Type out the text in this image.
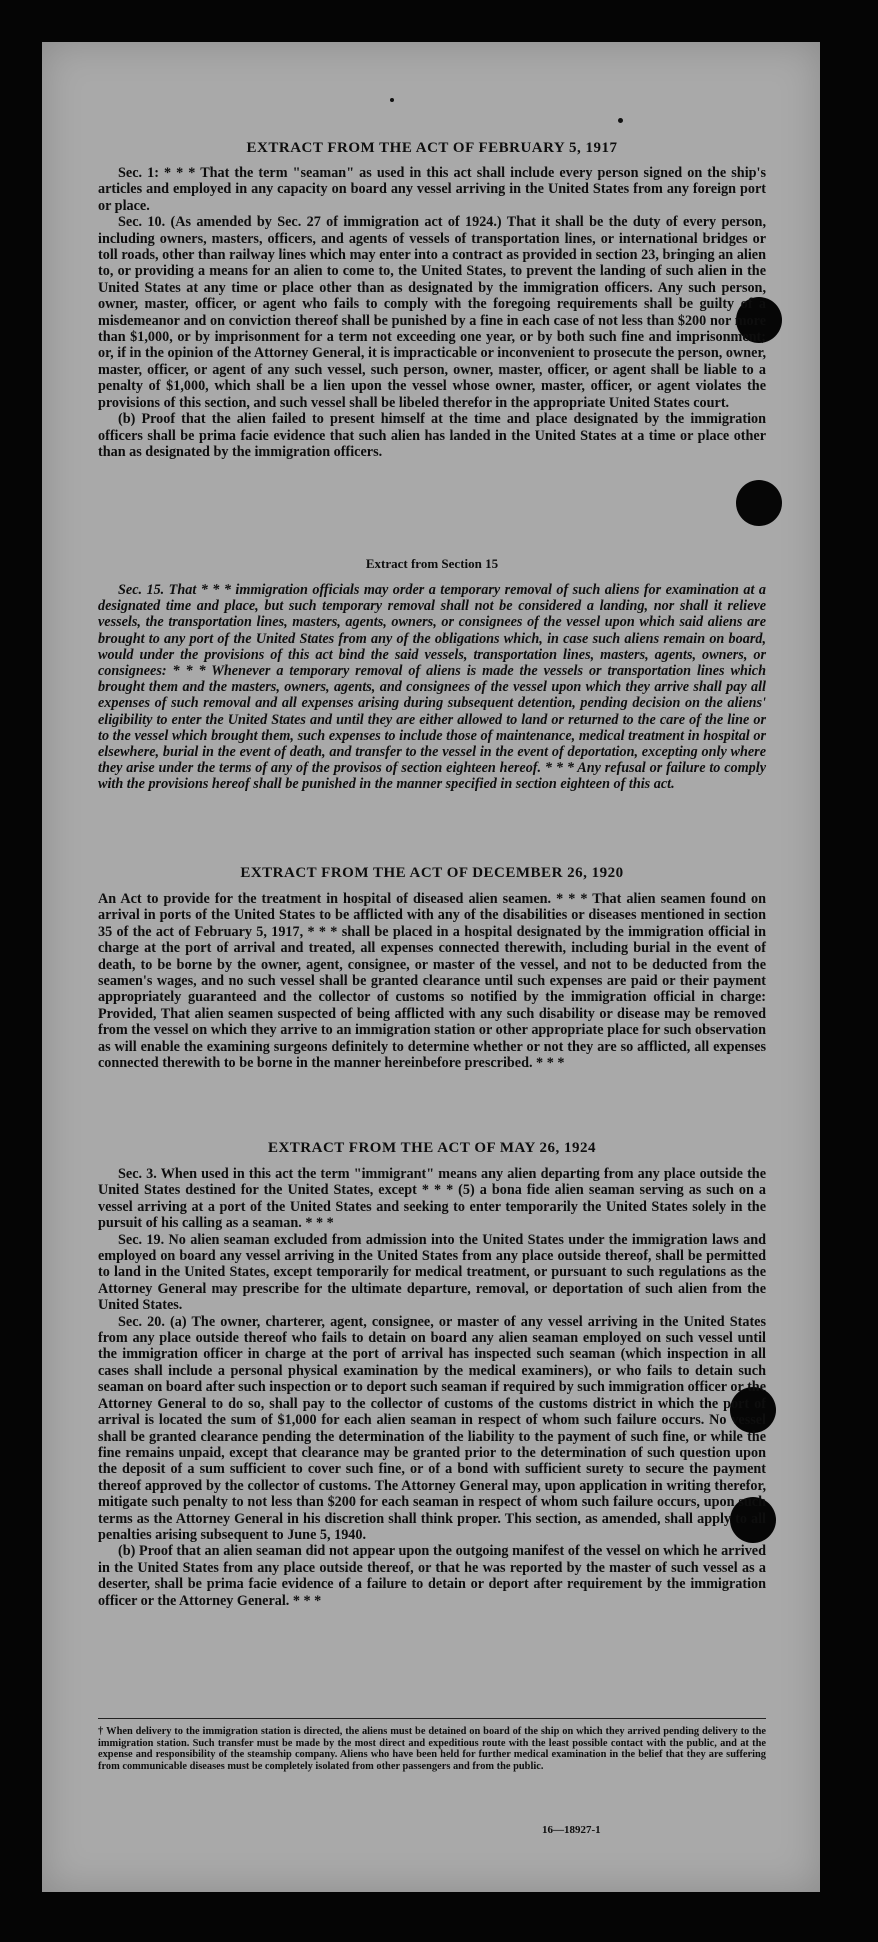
EXTRACT FROM THE ACT OF FEBRUARY 5, 1917

Sec. 1: * * * That the term "seaman" as used in this act shall include every person signed on the ship's articles and employed in any capacity on board any vessel arriving in the United States from any foreign port or place.

Sec. 10. (As amended by Sec. 27 of immigration act of 1924.) That it shall be the duty of every person, including owners, masters, officers, and agents of vessels of transportation lines, or international bridges or toll roads, other than railway lines which may enter into a contract as provided in section 23, bringing an alien to, or providing a means for an alien to come to, the United States, to prevent the landing of such alien in the United States at any time or place other than as designated by the immigration officers. Any such person, owner, master, officer, or agent who fails to comply with the foregoing requirements shall be guilty of a misdemeanor and on conviction thereof shall be punished by a fine in each case of not less than $200 nor more than $1,000, or by imprisonment for a term not exceeding one year, or by both such fine and imprisonment; or, if in the opinion of the Attorney General, it is impracticable or inconvenient to prosecute the person, owner, master, officer, or agent of any such vessel, such person, owner, master, officer, or agent shall be liable to a penalty of $1,000, which shall be a lien upon the vessel whose owner, master, officer, or agent violates the provisions of this section, and such vessel shall be libeled therefor in the appropriate United States court.

(b) Proof that the alien failed to present himself at the time and place designated by the immigration officers shall be prima facie evidence that such alien has landed in the United States at a time or place other than as designated by the immigration officers.

Extract from Section 15

Sec. 15. That * * * immigration officials may order a temporary removal of such aliens for examination at a designated time and place, but such temporary removal shall not be considered a landing, nor shall it relieve vessels, the transportation lines, masters, agents, owners, or consignees of the vessel upon which said aliens are brought to any port of the United States from any of the obligations which, in case such aliens remain on board, would under the provisions of this act bind the said vessels, transportation lines, masters, agents, owners, or consignees: * * * Whenever a temporary removal of aliens is made the vessels or transportation lines which brought them and the masters, owners, agents, and consignees of the vessel upon which they arrive shall pay all expenses of such removal and all expenses arising during subsequent detention, pending decision on the aliens' eligibility to enter the United States and until they are either allowed to land or returned to the care of the line or to the vessel which brought them, such expenses to include those of maintenance, medical treatment in hospital or elsewhere, burial in the event of death, and transfer to the vessel in the event of deportation, excepting only where they arise under the terms of any of the provisos of section eighteen hereof. * * * Any refusal or failure to comply with the provisions hereof shall be punished in the manner specified in section eighteen of this act.

EXTRACT FROM THE ACT OF DECEMBER 26, 1920

An Act to provide for the treatment in hospital of diseased alien seamen. * * * That alien seamen found on arrival in ports of the United States to be afflicted with any of the disabilities or diseases mentioned in section 35 of the act of February 5, 1917, * * * shall be placed in a hospital designated by the immigration official in charge at the port of arrival and treated, all expenses connected therewith, including burial in the event of death, to be borne by the owner, agent, consignee, or master of the vessel, and not to be deducted from the seamen's wages, and no such vessel shall be granted clearance until such expenses are paid or their payment appropriately guaranteed and the collector of customs so notified by the immigration official in charge: Provided, That alien seamen suspected of being afflicted with any such disability or disease may be removed from the vessel on which they arrive to an immigration station or other appropriate place for such observation as will enable the examining surgeons definitely to determine whether or not they are so afflicted, all expenses connected therewith to be borne in the manner hereinbefore prescribed. * * *

EXTRACT FROM THE ACT OF MAY 26, 1924

Sec. 3. When used in this act the term "immigrant" means any alien departing from any place outside the United States destined for the United States, except * * * (5) a bona fide alien seaman serving as such on a vessel arriving at a port of the United States and seeking to enter temporarily the United States solely in the pursuit of his calling as a seaman. * * *

Sec. 19. No alien seaman excluded from admission into the United States under the immigration laws and employed on board any vessel arriving in the United States from any place outside thereof, shall be permitted to land in the United States, except temporarily for medical treatment, or pursuant to such regulations as the Attorney General may prescribe for the ultimate departure, removal, or deportation of such alien from the United States.

Sec. 20. (a) The owner, charterer, agent, consignee, or master of any vessel arriving in the United States from any place outside thereof who fails to detain on board any alien seaman employed on such vessel until the immigration officer in charge at the port of arrival has inspected such seaman (which inspection in all cases shall include a personal physical examination by the medical examiners), or who fails to detain such seaman on board after such inspection or to deport such seaman if required by such immigration officer or the Attorney General to do so, shall pay to the collector of customs of the customs district in which the port of arrival is located the sum of $1,000 for each alien seaman in respect of whom such failure occurs. No vessel shall be granted clearance pending the determination of the liability to the payment of such fine, or while the fine remains unpaid, except that clearance may be granted prior to the determination of such question upon the deposit of a sum sufficient to cover such fine, or of a bond with sufficient surety to secure the payment thereof approved by the collector of customs. The Attorney General may, upon application in writing therefor, mitigate such penalty to not less than $200 for each seaman in respect of whom such failure occurs, upon such terms as the Attorney General in his discretion shall think proper. This section, as amended, shall apply to all penalties arising subsequent to June 5, 1940.

(b) Proof that an alien seaman did not appear upon the outgoing manifest of the vessel on which he arrived in the United States from any place outside thereof, or that he was reported by the master of such vessel as a deserter, shall be prima facie evidence of a failure to detain or deport after requirement by the immigration officer or the Attorney General. * * *

† When delivery to the immigration station is directed, the aliens must be detained on board of the ship on which they arrived pending delivery to the immigration station. Such transfer must be made by the most direct and expeditious route with the least possible contact with the public, and at the expense and responsibility of the steamship company. Aliens who have been held for further medical examination in the belief that they are suffering from communicable diseases must be completely isolated from other passengers and from the public.

16—18927-1
